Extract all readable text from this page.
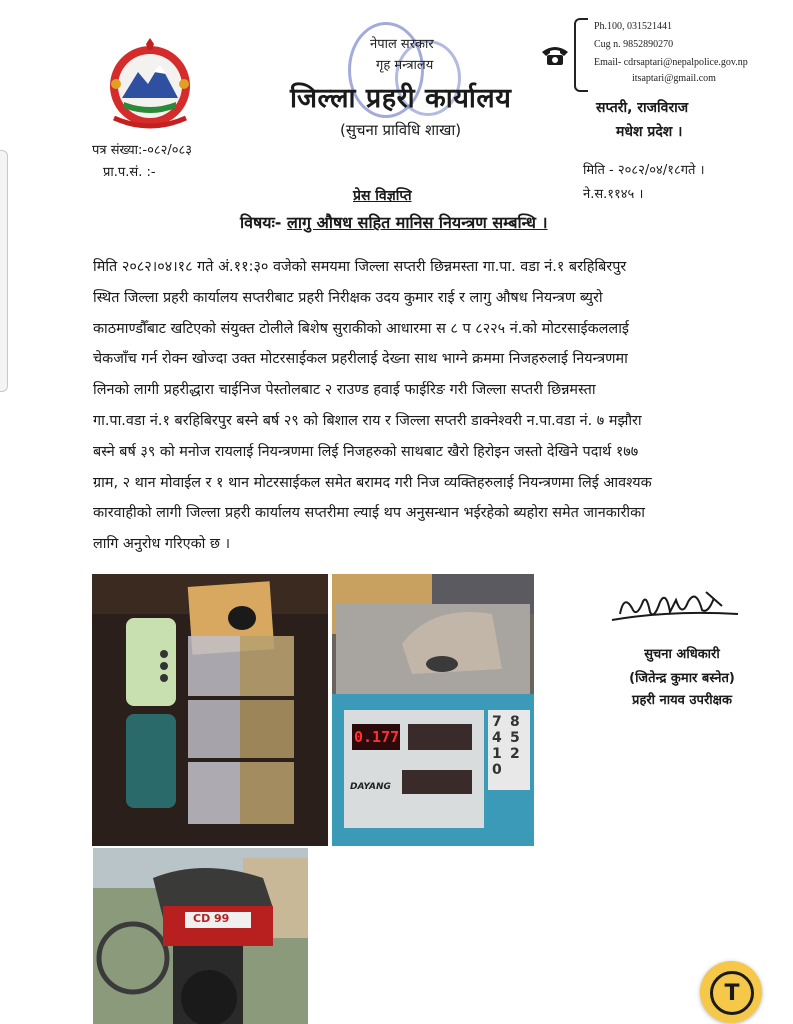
नेपाल सरकार
गृह मन्त्रालय
जिल्ला प्रहरी कार्यालय
(सुचना प्राविधि शाखा)
Ph.100, 031521441
Cug n. 9852890270
Email- cdrsaptari@nepalpolice.gov.np
itsaptari@gmail.com
सप्तरी, राजविराज
मधेश प्रदेश ।
पत्र संख्या:-०८२/०८३
प्रा.प.सं. :-	मिति - २०८२/०४/१८गते ।
ने.स.११४५ ।
प्रेस विज्ञप्ति
विषयः- लागु औषध सहित मानिस नियन्त्रण सम्बन्धि ।
मिति २०८२।०४।१८ गते अं.११:३० वजेको समयमा जिल्ला सप्तरी छिन्नमस्ता गा.पा. वडा नं.१ बरहिबिरपुर
स्थित जिल्ला प्रहरी कार्यालय सप्तरीबाट प्रहरी निरीक्षक उदय कुमार राई र लागु औषध नियन्त्रण ब्युरो
काठमाण्डौँबाट खटिएको संयुक्त टोलीले बिशेष सुराकीको आधारमा स ८ प ८२२५ नं.को मोटरसाईकललाई
चेकजाँच गर्न रोक्न खोज्दा उक्त मोटरसाईकल प्रहरीलाई देख्ना साथ भाग्ने क्रममा निजहरुलाई नियन्त्रणमा
लिनको लागी प्रहरीद्धारा चाईनिज पेस्तोलबाट २ राउण्ड हवाई फाईरिङ गरी जिल्ला सप्तरी छिन्नमस्ता
गा.पा.वडा नं.१ बरहिबिरपुर बस्ने बर्ष २९ को बिशाल राय र जिल्ला सप्तरी डाक्नेश्वरी न.पा.वडा नं. ७ मझौरा
बस्ने बर्ष ३९ को मनोज रायलाई नियन्त्रणमा लिई निजहरुको साथबाट खैरो हिरोइन जस्तो देखिने पदार्थ १७७
ग्राम, २ थान मोवाईल र १ थान मोटरसाईकल समेत बरामद गरी निज व्यक्तिहरुलाई नियन्त्रणमा लिई आवश्यक
कारवाहीको लागी जिल्ला प्रहरी कार्यालय सप्तरीमा ल्याई थप अनुसन्धान भईरहेको ब्यहोरा समेत जानकारीका
लागि अनुरोध गरिएको छ ।
0.177
DAYANG
7 8
4 5
1 2
0
CD 99
सुचना अधिकारी
(जितेन्द्र कुमार बस्नेत)
प्रहरी नायव उपरीक्षक
T
